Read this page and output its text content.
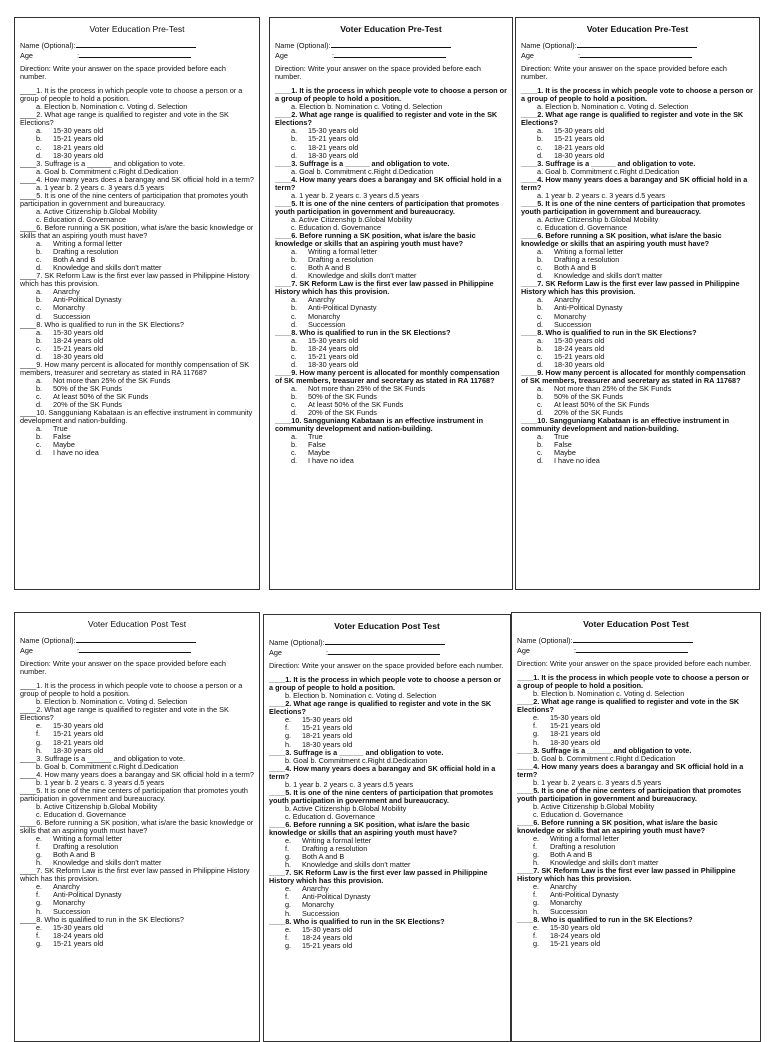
Voter Education Pre-Test
Name (Optional):
Age	:
Direction: Write your answer on the space provided before each number.
____1. It is the process in which people vote to choose a person or a group of people to hold a position.
a. Election b. Nomination c. Voting d. Selection
____2. What age range is qualified to register and vote in the SK Elections?
a. 15-30 years old
b. 15-21 years old
c. 18-21 years old
d. 18-30 years old
____3. Suffrage is a ______ and obligation to vote.
a. Goal b. Commitment c.Right d.Dedication
____4. How many years does a barangay and SK official hold in a term?
a. 1 year b. 2 years c. 3 years d.5 years
____5. It is one of the nine centers of participation that promotes youth participation in government and bureaucracy.
a. Active Citizenship b.Global Mobility
c. Education d. Governance
____6. Before running a SK position, what is/are the basic knowledge or skills that an aspiring youth must have?
a. Writing a formal letter
b. Drafting a resolution
c. Both A and B
d. Knowledge and skills don't matter
____7. SK Reform Law is the first ever law passed in Philippine History which has this provision.
a. Anarchy
b. Anti-Political Dynasty
c. Monarchy
d. Succession
____8. Who is qualified to run in the SK Elections?
a. 15-30 years old
b. 18-24 years old
c. 15-21 years old
d. 18-30 years old
____9. How many percent is allocated for monthly compensation of SK members, treasurer and secretary as stated in RA 11768?
a. Not more than 25% of the SK Funds
b. 50% of the SK Funds
c. At least 50% of the SK Funds
d. 20% of the SK Funds
____10. Sangguniang Kabataan is an effective instrument in community development and nation-building.
a. True
b. False
c. Maybe
d. I have no idea
Voter Education Pre-Test
Name (Optional):
Age	:
Direction: Write your answer on the space provided before each number.
____1. It is the process in which people vote to choose a person or a group of people to hold a position.
a. Election b. Nomination c. Voting d. Selection
____2. What age range is qualified to register and vote in the SK Elections?
a. 15-30 years old
b. 15-21 years old
c. 18-21 years old
d. 18-30 years old
____3. Suffrage is a ______ and obligation to vote.
a. Goal b. Commitment c.Right d.Dedication
____4. How many years does a barangay and SK official hold in a term?
a. 1 year b. 2 years c. 3 years d.5 years
____5. It is one of the nine centers of participation that promotes youth participation in government and bureaucracy.
a. Active Citizenship b.Global Mobility
c. Education d. Governance
____6. Before running a SK position, what is/are the basic knowledge or skills that an aspiring youth must have?
a. Writing a formal letter
b. Drafting a resolution
c. Both A and B
d. Knowledge and skills don't matter
____7. SK Reform Law is the first ever law passed in Philippine History which has this provision.
a. Anarchy
b. Anti-Political Dynasty
c. Monarchy
d. Succession
____8. Who is qualified to run in the SK Elections?
a. 15-30 years old
b. 18-24 years old
c. 15-21 years old
d. 18-30 years old
____9. How many percent is allocated for monthly compensation of SK members, treasurer and secretary as stated in RA 11768?
a. Not more than 25% of the SK Funds
b. 50% of the SK Funds
c. At least 50% of the SK Funds
d. 20% of the SK Funds
____10. Sangguniang Kabataan is an effective instrument in community development and nation-building.
a. True
b. False
c. Maybe
d. I have no idea
Voter Education Pre-Test
Name (Optional):
Age	:
Direction: Write your answer on the space provided before each number.
____1. It is the process in which people vote to choose a person or a group of people to hold a position.
a. Election b. Nomination c. Voting d. Selection
____2. What age range is qualified to register and vote in the SK Elections?
a. 15-30 years old
b. 15-21 years old
c. 18-21 years old
d. 18-30 years old
____3. Suffrage is a ______ and obligation to vote.
a. Goal b. Commitment c.Right d.Dedication
____4. How many years does a barangay and SK official hold in a term?
a. 1 year b. 2 years c. 3 years d.5 years
____5. It is one of the nine centers of participation that promotes youth participation in government and bureaucracy.
a. Active Citizenship b.Global Mobility
c. Education d. Governance
____6. Before running a SK position, what is/are the basic knowledge or skills that an aspiring youth must have?
a. Writing a formal letter
b. Drafting a resolution
c. Both A and B
d. Knowledge and skills don't matter
____7. SK Reform Law is the first ever law passed in Philippine History which has this provision.
a. Anarchy
b. Anti-Political Dynasty
c. Monarchy
d. Succession
____8. Who is qualified to run in the SK Elections?
a. 15-30 years old
b. 18-24 years old
c. 15-21 years old
d. 18-30 years old
____9. How many percent is allocated for monthly compensation of SK members, treasurer and secretary as stated in RA 11768?
a. Not more than 25% of the SK Funds
b. 50% of the SK Funds
c. At least 50% of the SK Funds
d. 20% of the SK Funds
____10. Sangguniang Kabataan is an effective instrument in community development and nation-building.
a. True
b. False
c. Maybe
d. I have no idea
Voter Education Post Test
Name (Optional):
Age	:
Direction: Write your answer on the space provided before each number.
____1. It is the process in which people vote to choose a person or a group of people to hold a position.
b. Election b. Nomination c. Voting d. Selection
____2. What age range is qualified to register and vote in the SK Elections?
e. 15-30 years old
f. 15-21 years old
g. 18-21 years old
h. 18-30 years old
____3. Suffrage is a ______ and obligation to vote.
b. Goal b. Commitment c.Right d.Dedication
____4. How many years does a barangay and SK official hold in a term?
b. 1 year b. 2 years c. 3 years d.5 years
____5. It is one of the nine centers of participation that promotes youth participation in government and bureaucracy.
b. Active Citizenship b.Global Mobility
c. Education d. Governance
____6. Before running a SK position, what is/are the basic knowledge or skills that an aspiring youth must have?
e. Writing a formal letter
f. Drafting a resolution
g. Both A and B
h. Knowledge and skills don't matter
____7. SK Reform Law is the first ever law passed in Philippine History which has this provision.
e. Anarchy
f. Anti-Political Dynasty
g. Monarchy
h. Succession
____8. Who is qualified to run in the SK Elections?
e. 15-30 years old
f. 18-24 years old
g. 15-21 years old
Voter Education Post Test
Name (Optional):
Age	:
Direction: Write your answer on the space provided before each number.
____1. It is the process in which people vote to choose a person or a group of people to hold a position.
b. Election b. Nomination c. Voting d. Selection
____2. What age range is qualified to register and vote in the SK Elections?
e. 15-30 years old
f. 15-21 years old
g. 18-21 years old
h. 18-30 years old
____3. Suffrage is a ______ and obligation to vote.
b. Goal b. Commitment c.Right d.Dedication
____4. How many years does a barangay and SK official hold in a term?
b. 1 year b. 2 years c. 3 years d.5 years
____5. It is one of the nine centers of participation that promotes youth participation in government and bureaucracy.
b. Active Citizenship b.Global Mobility
c. Education d. Governance
____6. Before running a SK position, what is/are the basic knowledge or skills that an aspiring youth must have?
e. Writing a formal letter
f. Drafting a resolution
g. Both A and B
h. Knowledge and skills don't matter
____7. SK Reform Law is the first ever law passed in Philippine History which has this provision.
e. Anarchy
f. Anti-Political Dynasty
g. Monarchy
h. Succession
____8. Who is qualified to run in the SK Elections?
e. 15-30 years old
f. 18-24 years old
g. 15-21 years old
Voter Education Post Test
Name (Optional):
Age	:
Direction: Write your answer on the space provided before each number.
____1. It is the process in which people vote to choose a person or a group of people to hold a position.
b. Election b. Nomination c. Voting d. Selection
____2. What age range is qualified to register and vote in the SK Elections?
e. 15-30 years old
f. 15-21 years old
g. 18-21 years old
h. 18-30 years old
____3. Suffrage is a ______ and obligation to vote.
b. Goal b. Commitment c.Right d.Dedication
____4. How many years does a barangay and SK official hold in a term?
b. 1 year b. 2 years c. 3 years d.5 years
____5. It is one of the nine centers of participation that promotes youth participation in government and bureaucracy.
b. Active Citizenship b.Global Mobility
c. Education d. Governance
____6. Before running a SK position, what is/are the basic knowledge or skills that an aspiring youth must have?
e. Writing a formal letter
f. Drafting a resolution
g. Both A and B
h. Knowledge and skills don't matter
____7. SK Reform Law is the first ever law passed in Philippine History which has this provision.
e. Anarchy
f. Anti-Political Dynasty
g. Monarchy
h. Succession
____8. Who is qualified to run in the SK Elections?
e. 15-30 years old
f. 18-24 years old
g. 15-21 years old
